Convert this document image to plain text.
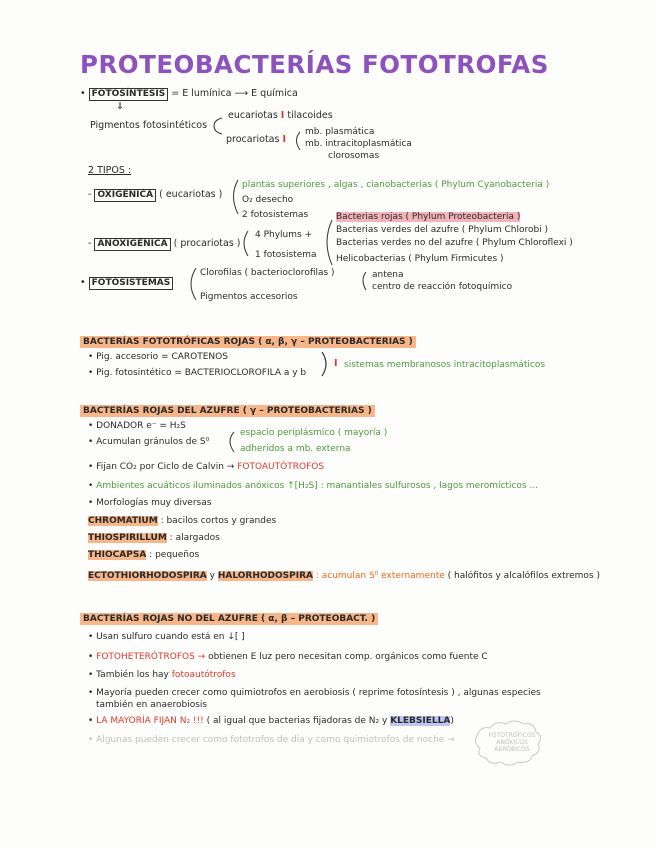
PROTEOBACTERÍAS FOTOTROFAS
• FOTOSÍNTESIS = E lumínica ⟶ E química
⇓
Pigmentos fotosintéticos
eucariotas I tilacoides
procariotas I
mb. plasmática
mb. intracitoplasmática
clorosomas
2 TIPOS :
- OXIGÉNICA ( eucariotas )
plantas superiores , algas , cianobacterias ( Phylum Cyanobacteria )
O₂ desecho
2 fotosistemas
- ANOXIGÉNICA ( procariotas )
4 Phylums +
1 fotosistema
Bacterias rojas ( Phylum Proteobacteria )
Bacterias verdes del azufre ( Phylum Chlorobi )
Bacterias verdes no del azufre ( Phylum Chloroflexi )
Helicobacterias ( Phylum Firmicutes )
• FOTOSISTEMAS
Clorofilas ( bacterioclorofilas )	antena
centro de reacción fotoquímico
Pigmentos accesorios
BACTERÍAS FOTOTRÓFICAS ROJAS ( α, β, γ – PROTEOBACTERIAS )
• Pig. accesorio = CAROTENOS
• Pig. fotosintético = BACTERIOCLOROFILA a y b
I sistemas membranosos intracitoplasmáticos
BACTERÍAS ROJAS DEL AZUFRE ( γ – PROTEOBACTERIAS )
• DONADOR e⁻ = H₂S
• Acumulan gránulos de S⁰
espacio periplásmico ( mayoría )
adheridos a mb. externa
• Fijan CO₂ por Ciclo de Calvin → FOTOAUTÓTROFOS
• Ambientes acuáticos iluminados anóxicos ↑[H₂S] : manantiales sulfurosos , lagos meromícticos ...
• Morfologías muy diversas
CHROMATIUM : bacilos cortos y grandes
THIOSPIRILLUM : alargados
THIOCAPSA : pequeños
ECTOTHIORHODOSPIRA y HALORHODOSPIRA : acumulan S⁰ externamente ( halófitos y alcalófilos extremos )
BACTERÍAS ROJAS NO DEL AZUFRE ( α, β – PROTEOBACT. )
• Usan sulfuro cuando está en ↓[ ]
• FOTOHETERÓTROFOS → obtienen E luz pero necesitan comp. orgánicos como fuente C
• También los hay fotoautótrofos
• Mayoría pueden crecer como quimiotrofos en aerobiosis ( reprime fotosíntesis ) , algunas especies
también en anaerobiosis
• LA MAYORÍA FIJAN N₂ !!! ( al igual que bacterias fijadoras de N₂ y KLEBSIELLA)
• Algunas pueden crecer como fototrofos de día y como quimiotrofos de noche →	FOTOTRÓFICOS ANÓXICOS AERÓBICOS
